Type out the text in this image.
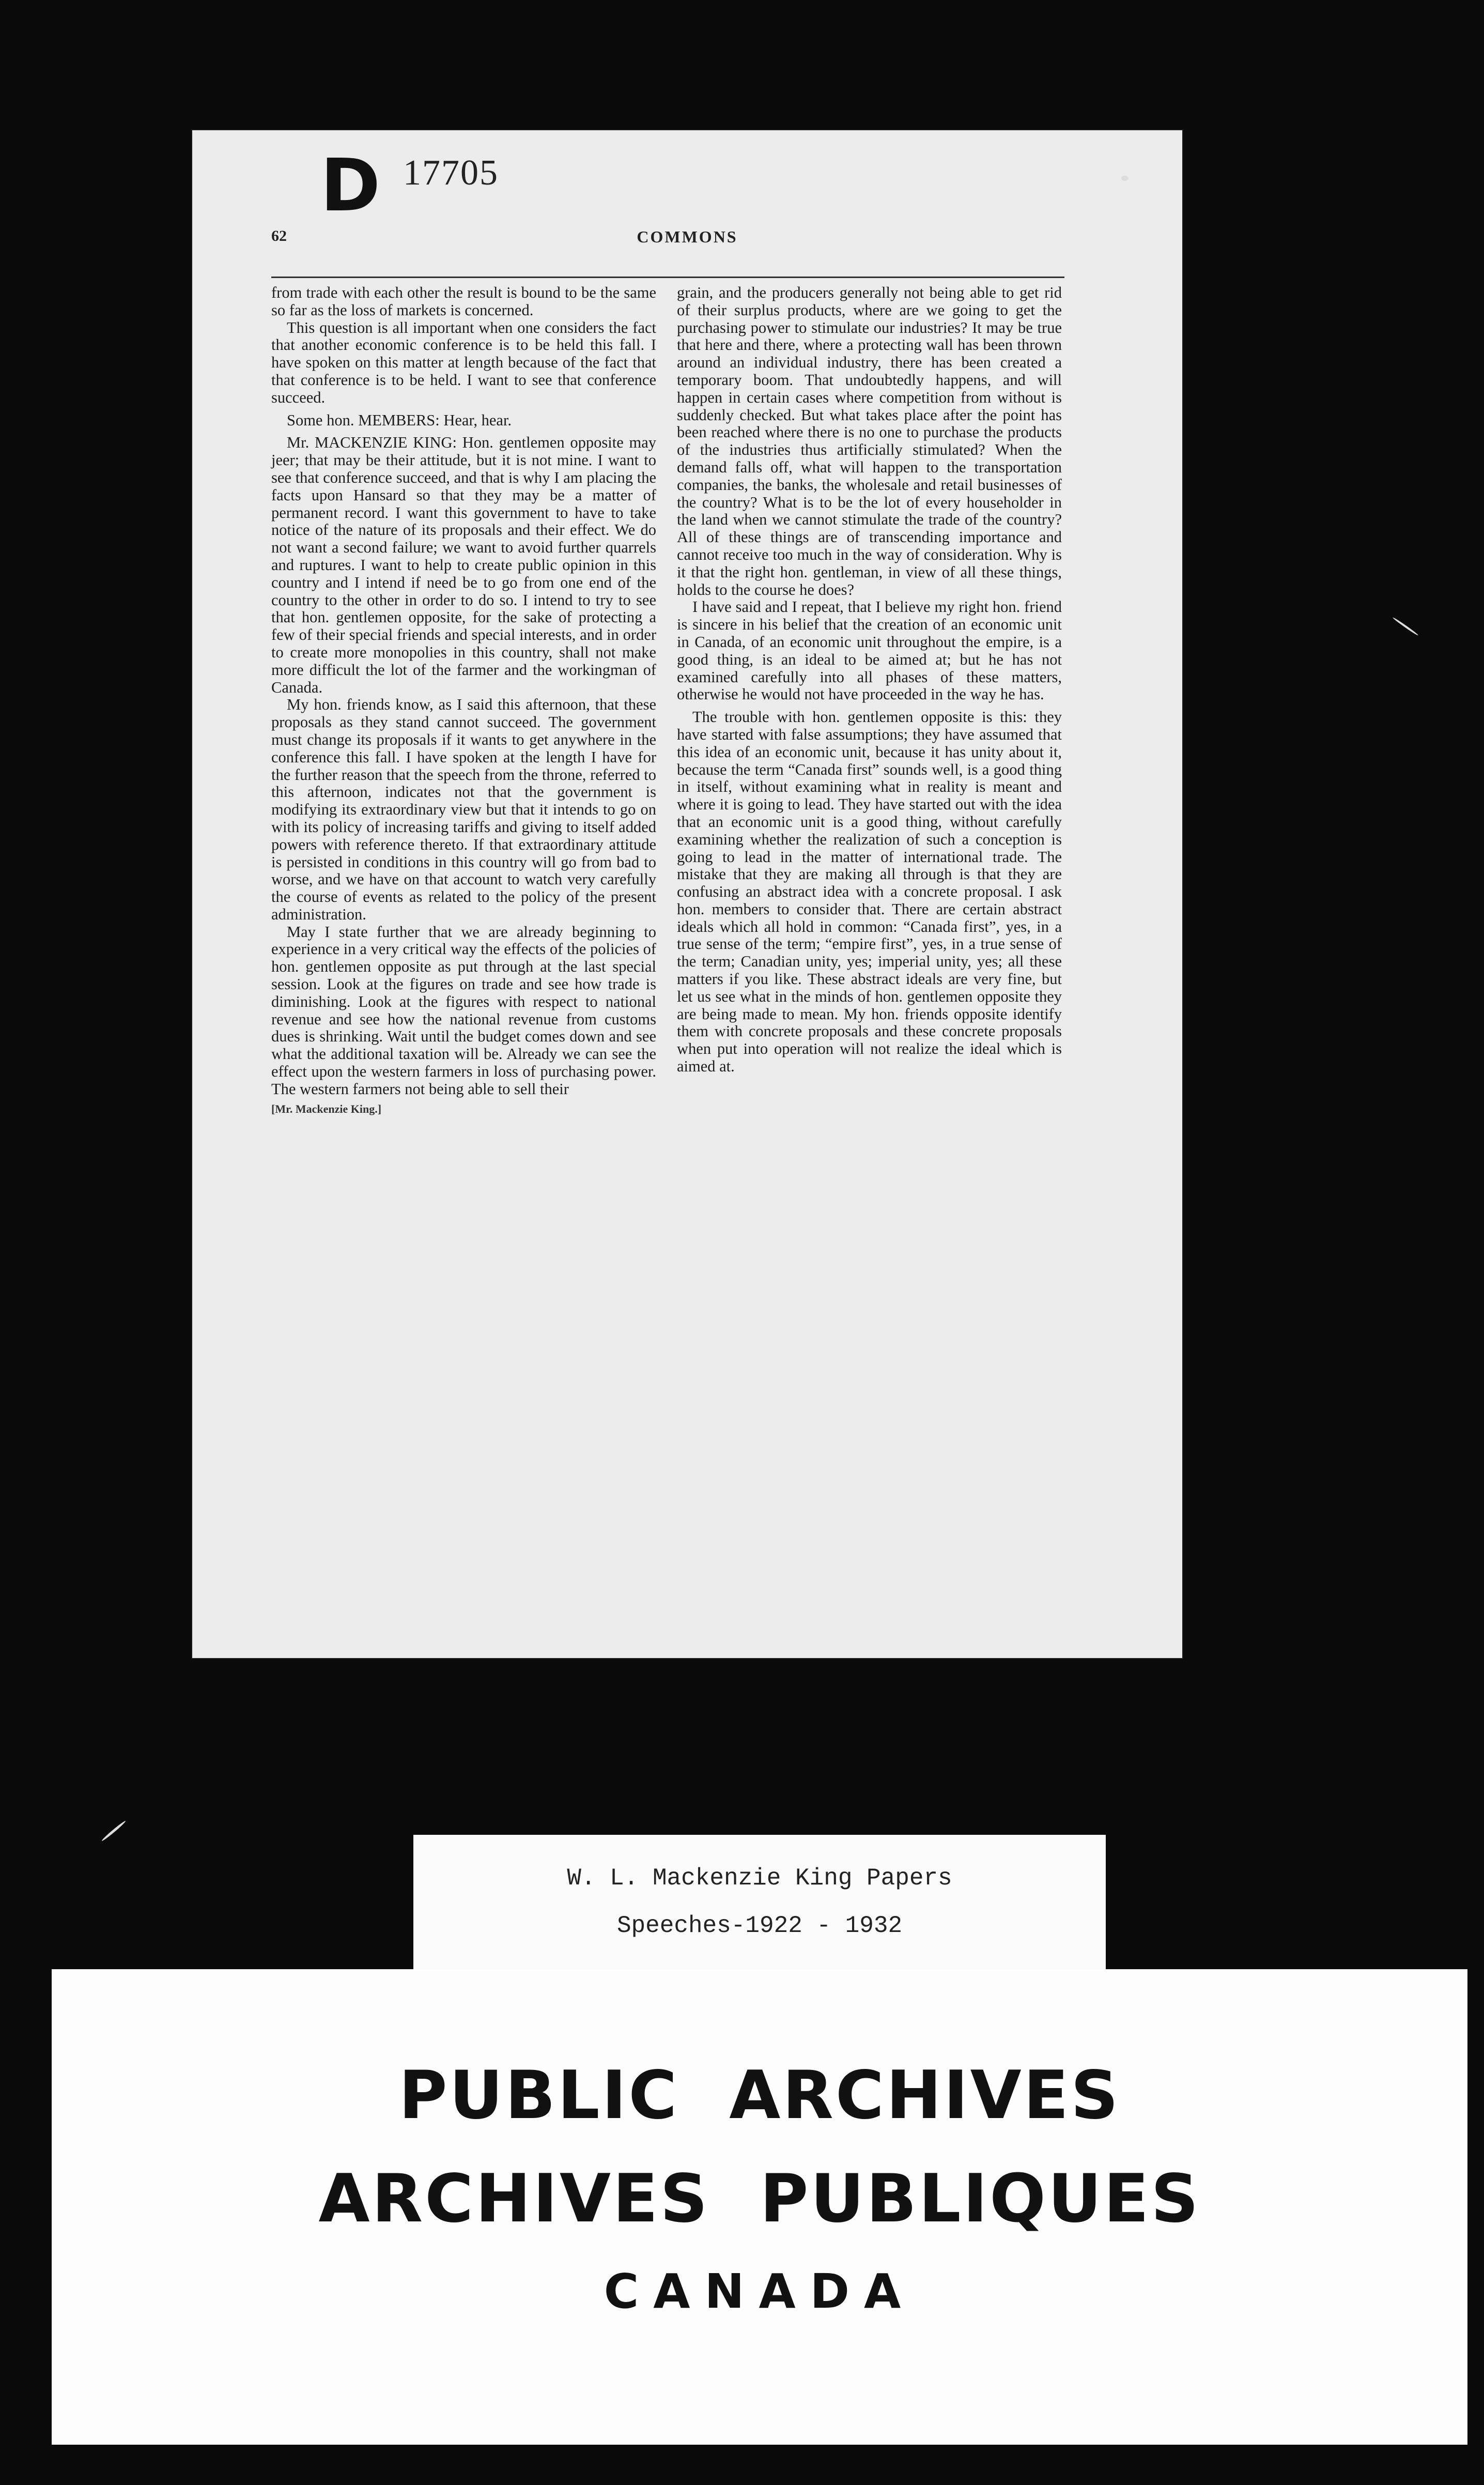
D 17705
62	COMMONS

from trade with each other the result is bound to be the same so far as the loss of markets is concerned.

This question is all important when one considers the fact that another economic conference is to be held this fall. I have spoken on this matter at length because of the fact that that conference is to be held. I want to see that conference succeed.

Some hon. MEMBERS: Hear, hear.

Mr. MACKENZIE KING: Hon. gentlemen opposite may jeer; that may be their attitude, but it is not mine. I want to see that conference succeed, and that is why I am placing the facts upon Hansard so that they may be a matter of permanent record. I want this government to have to take notice of the nature of its proposals and their effect. We do not want a second failure; we want to avoid further quarrels and ruptures. I want to help to create public opinion in this country and I intend if need be to go from one end of the country to the other in order to do so. I intend to try to see that hon. gentlemen opposite, for the sake of protecting a few of their special friends and special interests, and in order to create more monopolies in this country, shall not make more difficult the lot of the farmer and the workingman of Canada.

My hon. friends know, as I said this afternoon, that these proposals as they stand cannot succeed. The government must change its proposals if it wants to get anywhere in the conference this fall. I have spoken at the length I have for the further reason that the speech from the throne, referred to this afternoon, indicates not that the government is modifying its extraordinary view but that it intends to go on with its policy of increasing tariffs and giving to itself added powers with reference thereto. If that extraordinary attitude is persisted in conditions in this country will go from bad to worse, and we have on that account to watch very carefully the course of events as related to the policy of the present administration.

May I state further that we are already beginning to experience in a very critical way the effects of the policies of hon. gentlemen opposite as put through at the last special session. Look at the figures on trade and see how trade is diminishing. Look at the figures with respect to national revenue and see how the national revenue from customs dues is shrinking. Wait until the budget comes down and see what the additional taxation will be. Already we can see the effect upon the western farmers in loss of purchasing power. The western farmers not being able to sell their

[Mr. Mackenzie King.]

grain, and the producers generally not being able to get rid of their surplus products, where are we going to get the purchasing power to stimulate our industries? It may be true that here and there, where a protecting wall has been thrown around an individual industry, there has been created a temporary boom. That undoubtedly happens, and will happen in certain cases where competition from without is suddenly checked. But what takes place after the point has been reached where there is no one to purchase the products of the industries thus artificially stimulated? When the demand falls off, what will happen to the transportation companies, the banks, the wholesale and retail businesses of the country? What is to be the lot of every householder in the land when we cannot stimulate the trade of the country? All of these things are of transcending importance and cannot receive too much in the way of consideration. Why is it that the right hon. gentleman, in view of all these things, holds to the course he does?

I have said and I repeat, that I believe my right hon. friend is sincere in his belief that the creation of an economic unit in Canada, of an economic unit throughout the empire, is a good thing, is an ideal to be aimed at; but he has not examined carefully into all phases of these matters, otherwise he would not have proceeded in the way he has.

The trouble with hon. gentlemen opposite is this: they have started with false assumptions; they have assumed that this idea of an economic unit, because it has unity about it, because the term “Canada first” sounds well, is a good thing in itself, without examining what in reality is meant and where it is going to lead. They have started out with the idea that an economic unit is a good thing, without carefully examining whether the realization of such a conception is going to lead in the matter of international trade. The mistake that they are making all through is that they are confusing an abstract idea with a concrete proposal. I ask hon. members to consider that. There are certain abstract ideals which all hold in common: “Canada first”, yes, in a true sense of the term; “empire first”, yes, in a true sense of the term; Canadian unity, yes; imperial unity, yes; all these matters if you like. These abstract ideals are very fine, but let us see what in the minds of hon. gentlemen opposite they are being made to mean. My hon. friends opposite identify them with concrete proposals and these concrete proposals when put into operation will not realize the ideal which is aimed at.

W. L. Mackenzie King Papers
Speeches-1922 - 1932
PUBLIC  ARCHIVES
ARCHIVES  PUBLIQUES
CANADA
